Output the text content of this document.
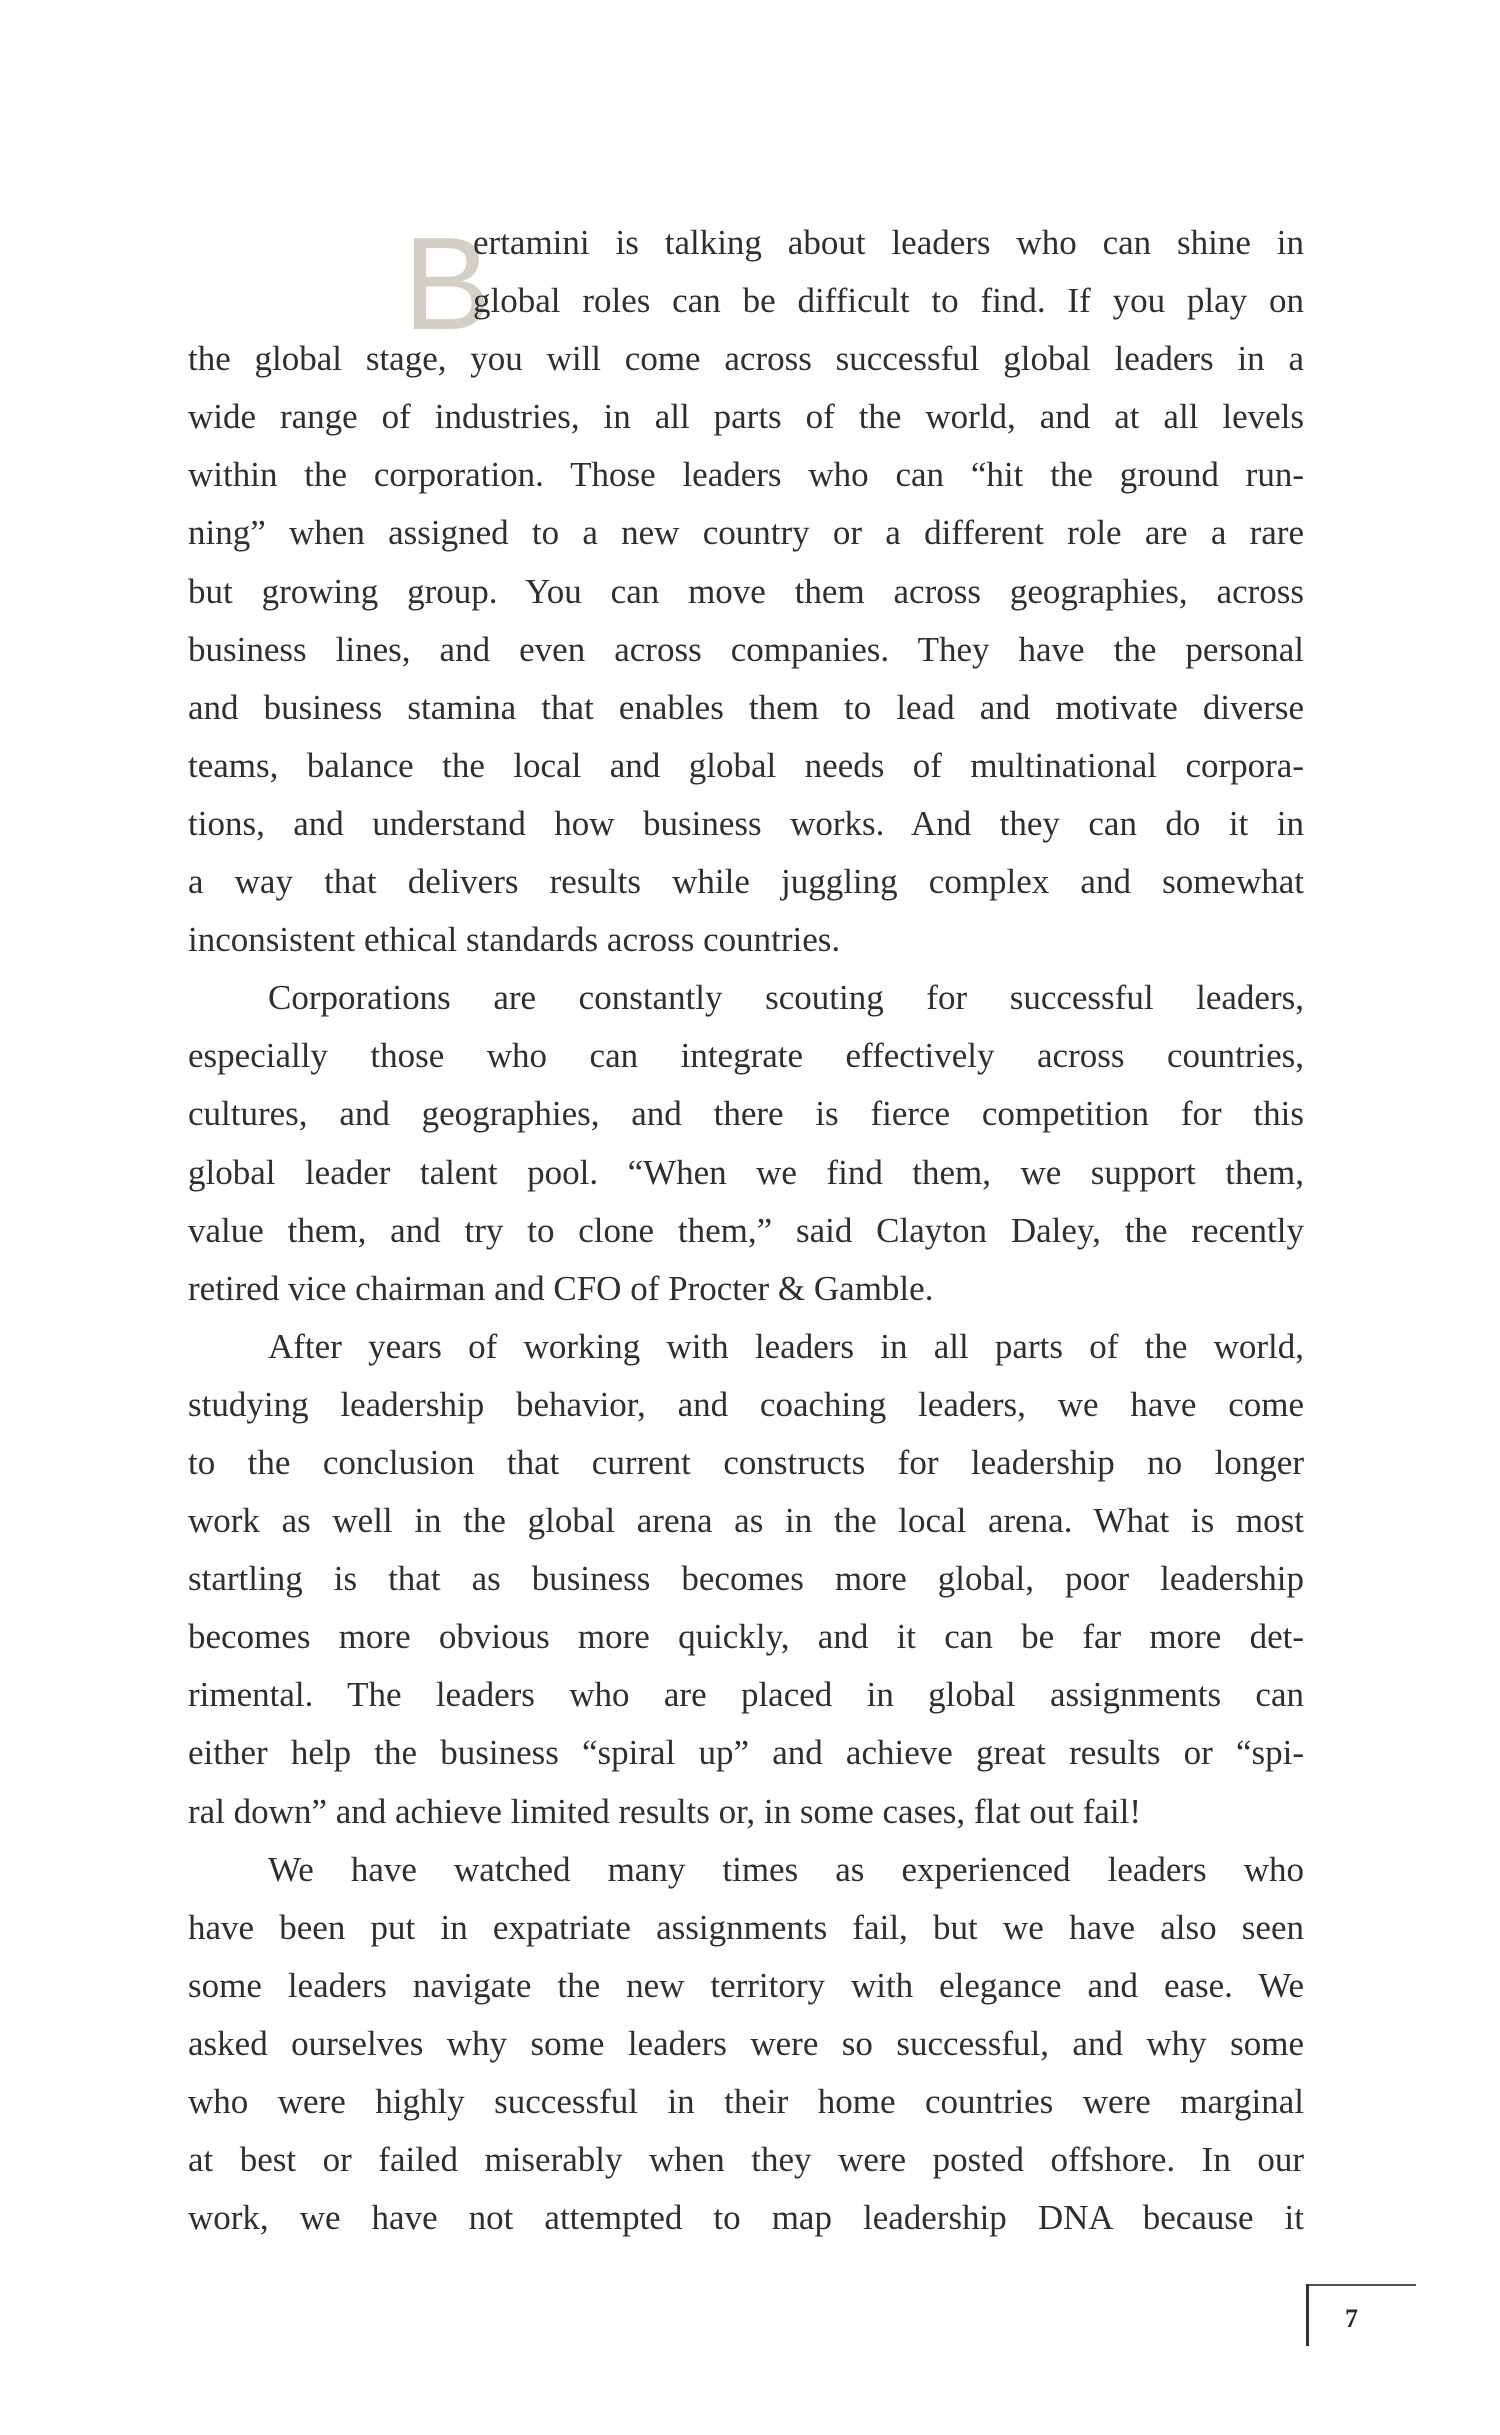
B
ertamini is talking about leaders who can shine in
global roles can be difficult to find. If you play on
the global stage, you will come across successful global leaders in a
wide range of industries, in all parts of the world, and at all levels
within the corporation. Those leaders who can “hit the ground run-
ning” when assigned to a new country or a different role are a rare
but growing group. You can move them across geographies, across
business lines, and even across companies. They have the personal
and business stamina that enables them to lead and motivate diverse
teams, balance the local and global needs of multinational corpora-
tions, and understand how business works. And they can do it in
a way that delivers results while juggling complex and somewhat
inconsistent ethical standards across countries.
Corporations are constantly scouting for successful leaders,
especially those who can integrate effectively across countries,
cultures, and geographies, and there is fierce competition for this
global leader talent pool. “When we find them, we support them,
value them, and try to clone them,” said Clayton Daley, the recently
retired vice chairman and CFO of Procter & Gamble.
After years of working with leaders in all parts of the world,
studying leadership behavior, and coaching leaders, we have come
to the conclusion that current constructs for leadership no longer
work as well in the global arena as in the local arena. What is most
startling is that as business becomes more global, poor leadership
becomes more obvious more quickly, and it can be far more det-
rimental. The leaders who are placed in global assignments can
either help the business “spiral up” and achieve great results or “spi-
ral down” and achieve limited results or, in some cases, flat out fail!
We have watched many times as experienced leaders who
have been put in expatriate assignments fail, but we have also seen
some leaders navigate the new territory with elegance and ease. We
asked ourselves why some leaders were so successful, and why some
who were highly successful in their home countries were marginal
at best or failed miserably when they were posted offshore. In our
work, we have not attempted to map leadership DNA because it
7
